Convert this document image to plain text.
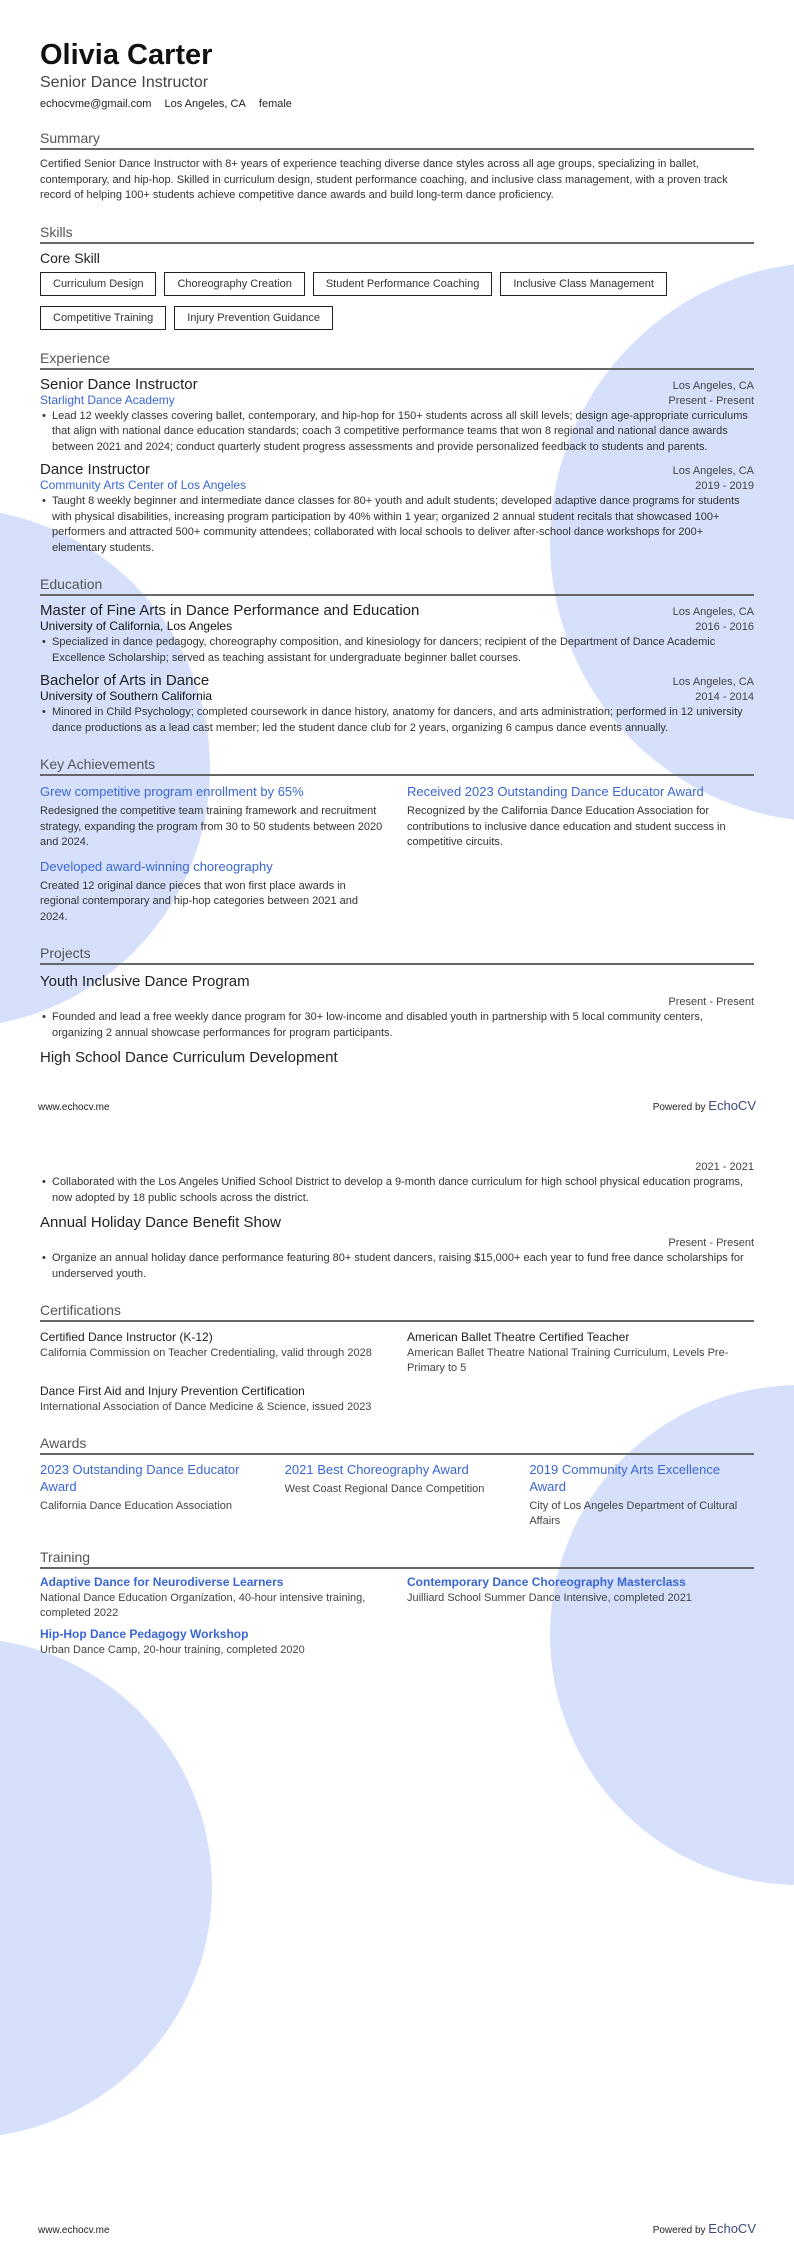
Olivia Carter
Senior Dance Instructor
echocvme@gmail.com Los Angeles, CA female
Summary

Certified Senior Dance Instructor with 8+ years of experience teaching diverse dance styles across all age groups, specializing in ballet, contemporary, and hip-hop. Skilled in curriculum design, student performance coaching, and inclusive class management, with a proven track record of helping 100+ students achieve competitive dance awards and build long-term dance proficiency.

Skills
Core Skill
Curriculum Design	Choreography Creation	Student Performance Coaching	Inclusive Class Management
Competitive Training	Injury Prevention Guidance
Experience
Senior Dance Instructor	Los Angeles, CA
Starlight Dance Academy	Present - Present
• Lead 12 weekly classes covering ballet, contemporary, and hip-hop for 150+ students across all skill levels; design age-appropriate curriculums that align with national dance education standards; coach 3 competitive performance teams that won 8 regional and national dance awards between 2021 and 2024; conduct quarterly student progress assessments and provide personalized feedback to students and parents.
Dance Instructor	Los Angeles, CA
Community Arts Center of Los Angeles	2019 - 2019
• Taught 8 weekly beginner and intermediate dance classes for 80+ youth and adult students; developed adaptive dance programs for students with physical disabilities, increasing program participation by 40% within 1 year; organized 2 annual student recitals that showcased 100+ performers and attracted 500+ community attendees; collaborated with local schools to deliver after-school dance workshops for 200+ elementary students.
Education
Master of Fine Arts in Dance Performance and Education	Los Angeles, CA
University of California, Los Angeles	2016 - 2016
• Specialized in dance pedagogy, choreography composition, and kinesiology for dancers; recipient of the Department of Dance Academic Excellence Scholarship; served as teaching assistant for undergraduate beginner ballet courses.
Bachelor of Arts in Dance	Los Angeles, CA
University of Southern California	2014 - 2014
• Minored in Child Psychology; completed coursework in dance history, anatomy for dancers, and arts administration; performed in 12 university dance productions as a lead cast member; led the student dance club for 2 years, organizing 6 campus dance events annually.
Key Achievements
Grew competitive program enrollment by 65%
Redesigned the competitive team training framework and recruitment strategy, expanding the program from 30 to 50 students between 2020 and 2024.
Received 2023 Outstanding Dance Educator Award
Recognized by the California Dance Education Association for contributions to inclusive dance education and student success in competitive circuits.
Developed award-winning choreography
Created 12 original dance pieces that won first place awards in regional contemporary and hip-hop categories between 2021 and 2024.
Projects
Youth Inclusive Dance Program
Present - Present
• Founded and lead a free weekly dance program for 30+ low-income and disabled youth in partnership with 5 local community centers, organizing 2 annual showcase performances for program participants.
High School Dance Curriculum Development
www.echocv.me	Powered by EchoCV
2021 - 2021
• Collaborated with the Los Angeles Unified School District to develop a 9-month dance curriculum for high school physical education programs, now adopted by 18 public schools across the district.
Annual Holiday Dance Benefit Show
Present - Present
• Organize an annual holiday dance performance featuring 80+ student dancers, raising $15,000+ each year to fund free dance scholarships for underserved youth.
Certifications
Certified Dance Instructor (K-12)
California Commission on Teacher Credentialing, valid through 2028
American Ballet Theatre Certified Teacher
American Ballet Theatre National Training Curriculum, Levels Pre-Primary to 5
Dance First Aid and Injury Prevention Certification
International Association of Dance Medicine & Science, issued 2023
Awards
2023 Outstanding Dance Educator Award
California Dance Education Association
2021 Best Choreography Award
West Coast Regional Dance Competition
2019 Community Arts Excellence Award
City of Los Angeles Department of Cultural Affairs
Training
Adaptive Dance for Neurodiverse Learners
National Dance Education Organization, 40-hour intensive training, completed 2022
Contemporary Dance Choreography Masterclass
Juilliard School Summer Dance Intensive, completed 2021
Hip-Hop Dance Pedagogy Workshop
Urban Dance Camp, 20-hour training, completed 2020
www.echocv.me	Powered by EchoCV
